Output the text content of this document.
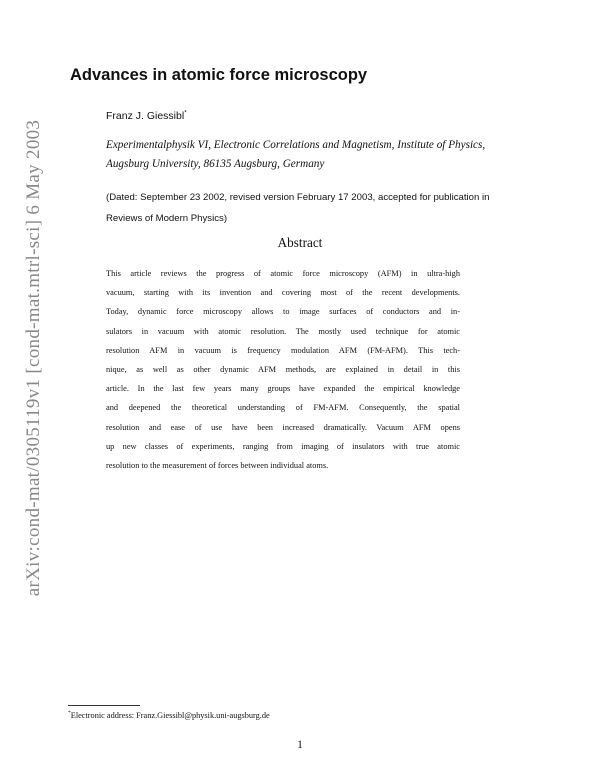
arXiv:cond-mat/0305119v1 [cond-mat.mtrl-sci] 6 May 2003
Advances in atomic force microscopy
Franz J. Giessibl*
Experimentalphysik VI, Electronic Correlations and Magnetism, Institute of Physics,
Augsburg University, 86135 Augsburg, Germany
(Dated: September 23 2002, revised version February 17 2003, accepted for publication in
Reviews of Modern Physics)
Abstract
This article reviews the progress of atomic force microscopy (AFM) in ultra-high
vacuum, starting with its invention and covering most of the recent developments.
Today, dynamic force microscopy allows to image surfaces of conductors and in-
sulators in vacuum with atomic resolution. The mostly used technique for atomic
resolution AFM in vacuum is frequency modulation AFM (FM-AFM). This tech-
nique, as well as other dynamic AFM methods, are explained in detail in this
article. In the last few years many groups have expanded the empirical knowledge
and deepened the theoretical understanding of FM-AFM. Consequently, the spatial
resolution and ease of use have been increased dramatically. Vacuum AFM opens
up new classes of experiments, ranging from imaging of insulators with true atomic
resolution to the measurement of forces between individual atoms.
*Electronic address: Franz.Giessibl@physik.uni-augsburg.de
1
